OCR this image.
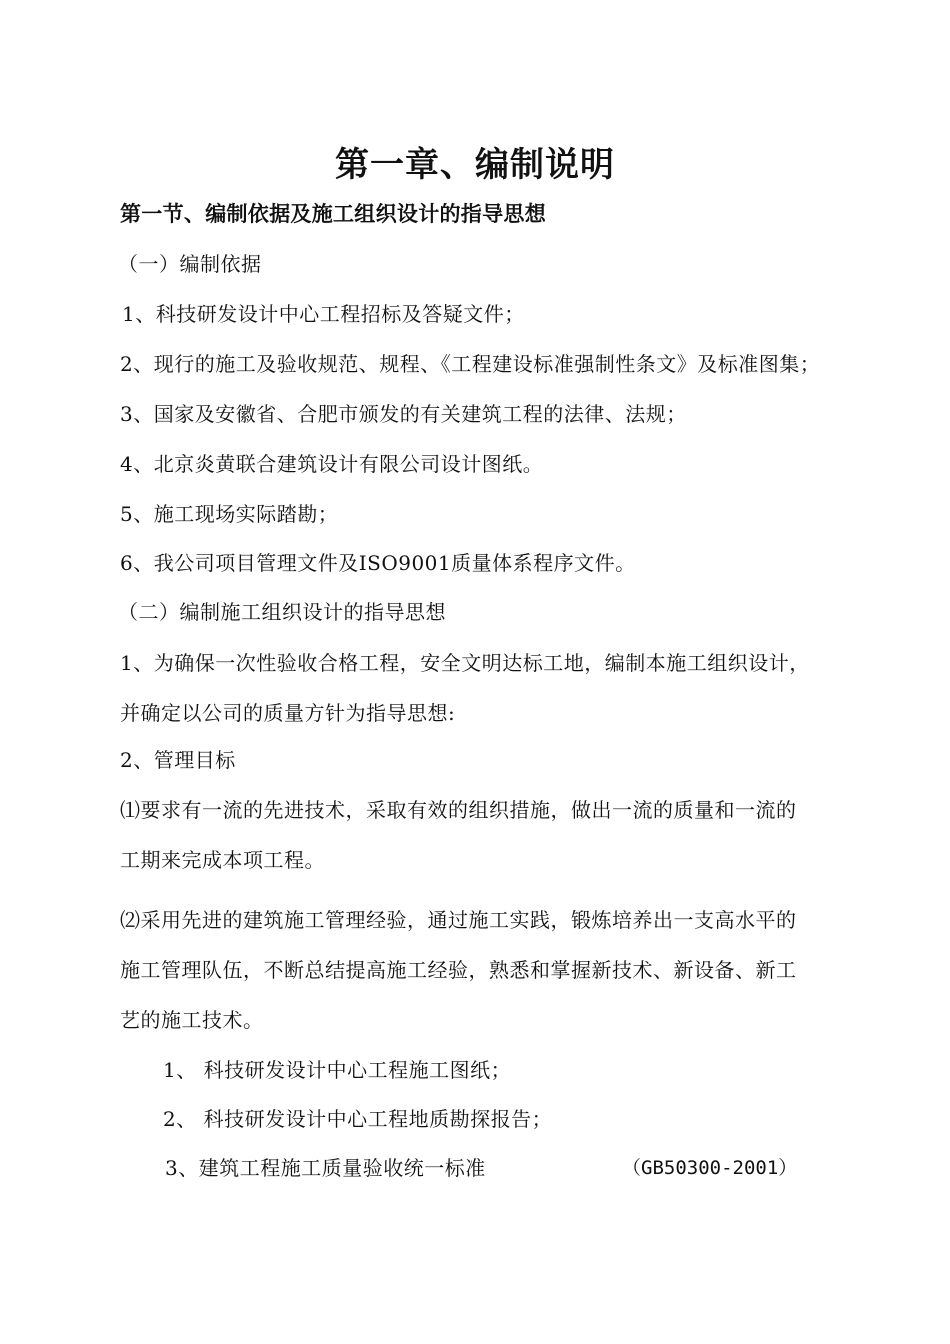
第一章、编制说明
第一节、编制依据及施工组织设计的指导思想
（一）编制依据
1、科技研发设计中心工程招标及答疑文件；
2、现行的施工及验收规范、规程、《工程建设标准强制性条文》及标准图集；
3、国家及安徽省、合肥市颁发的有关建筑工程的法律、法规；
4、北京炎黄联合建筑设计有限公司设计图纸。
5、施工现场实际踏勘；
6、我公司项目管理文件及ISO9001质量体系程序文件。
（二）编制施工组织设计的指导思想
1、为确保一次性验收合格工程，安全文明达标工地，编制本施工组织设计，
并确定以公司的质量方针为指导思想:
2、管理目标
⑴要求有一流的先进技术，采取有效的组织措施，做出一流的质量和一流的
工期来完成本项工程。
⑵采用先进的建筑施工管理经验，通过施工实践，锻炼培养出一支高水平的
施工管理队伍，不断总结提高施工经验，熟悉和掌握新技术、新设备、新工
艺的施工技术。
1、 科技研发设计中心工程施工图纸；
2、 科技研发设计中心工程地质勘探报告；
3、建筑工程施工质量验收统一标准	（GB50300-2001）
